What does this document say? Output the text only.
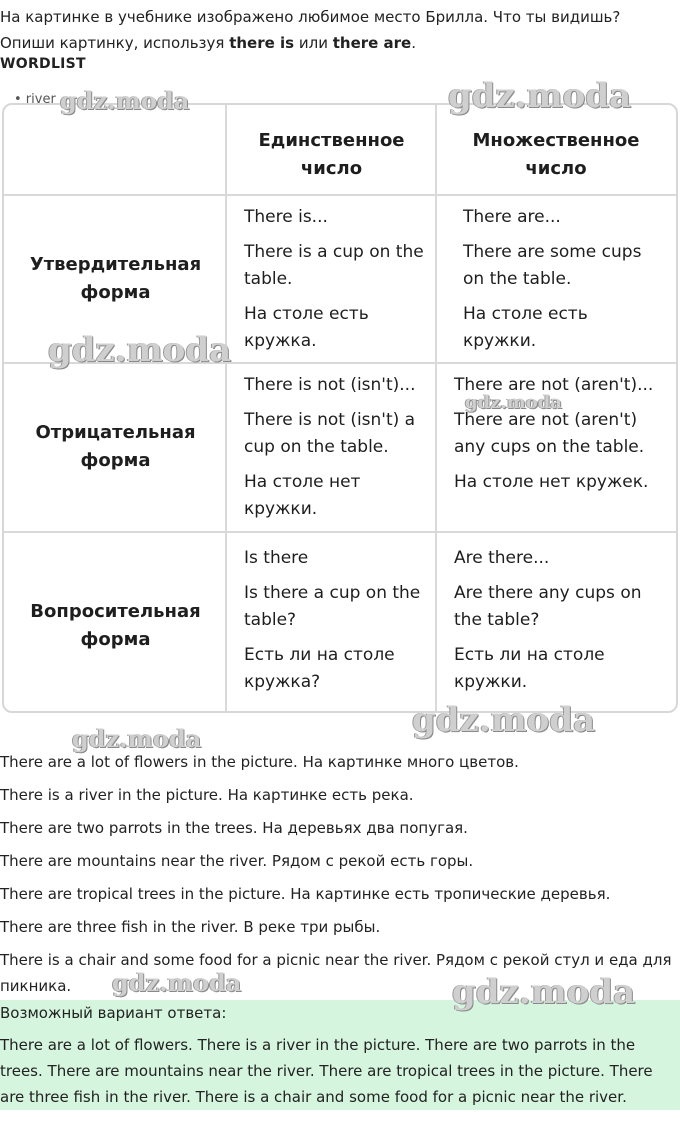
На картинке в учебнике изображено любимое место Брилла. Что ты видишь? Опиши картинку, используя there is или there are.
WORDLIST
• river
Единственное число
Множественное число
Утвердительная форма
There is...
There is a cup on the table.
На столе есть кружка.
There are...
There are some cups on the table.
На столе есть кружки.
Отрицательная форма
There is not (isn't)...
There is not (isn't) a cup on the table.
На столе нет кружки.
There are not (aren't)...
There are not (aren't) any cups on the table.
На столе нет кружек.
Вопросительная форма
Is there
Is there a cup on the table?
Есть ли на столе кружка?
Are there...
Are there any cups on the table?
Есть ли на столе кружки.
There are a lot of flowers in the picture. На картинке много цветов.
There is a river in the picture. На картинке есть река.
There are two parrots in the trees. На деревьях два попугая.
There are mountains near the river. Рядом с рекой есть горы.
There are tropical trees in the picture. На картинке есть тропические деревья.
There are three fish in the river. В реке три рыбы.
There is a chair and some food for a picnic near the river. Рядом с рекой стул и еда для
пикника.
Возможный вариант ответа:
There are a lot of flowers. There is a river in the picture. There are two parrots in the trees. There are mountains near the river. There are tropical trees in the picture. There are three fish in the river. There is a chair and some food for a picnic near the river.
gdz.moda	gdz.moda
gdz.moda
gdz.moda
gdz.moda
gdz.moda
gdz.moda	gdz.moda
